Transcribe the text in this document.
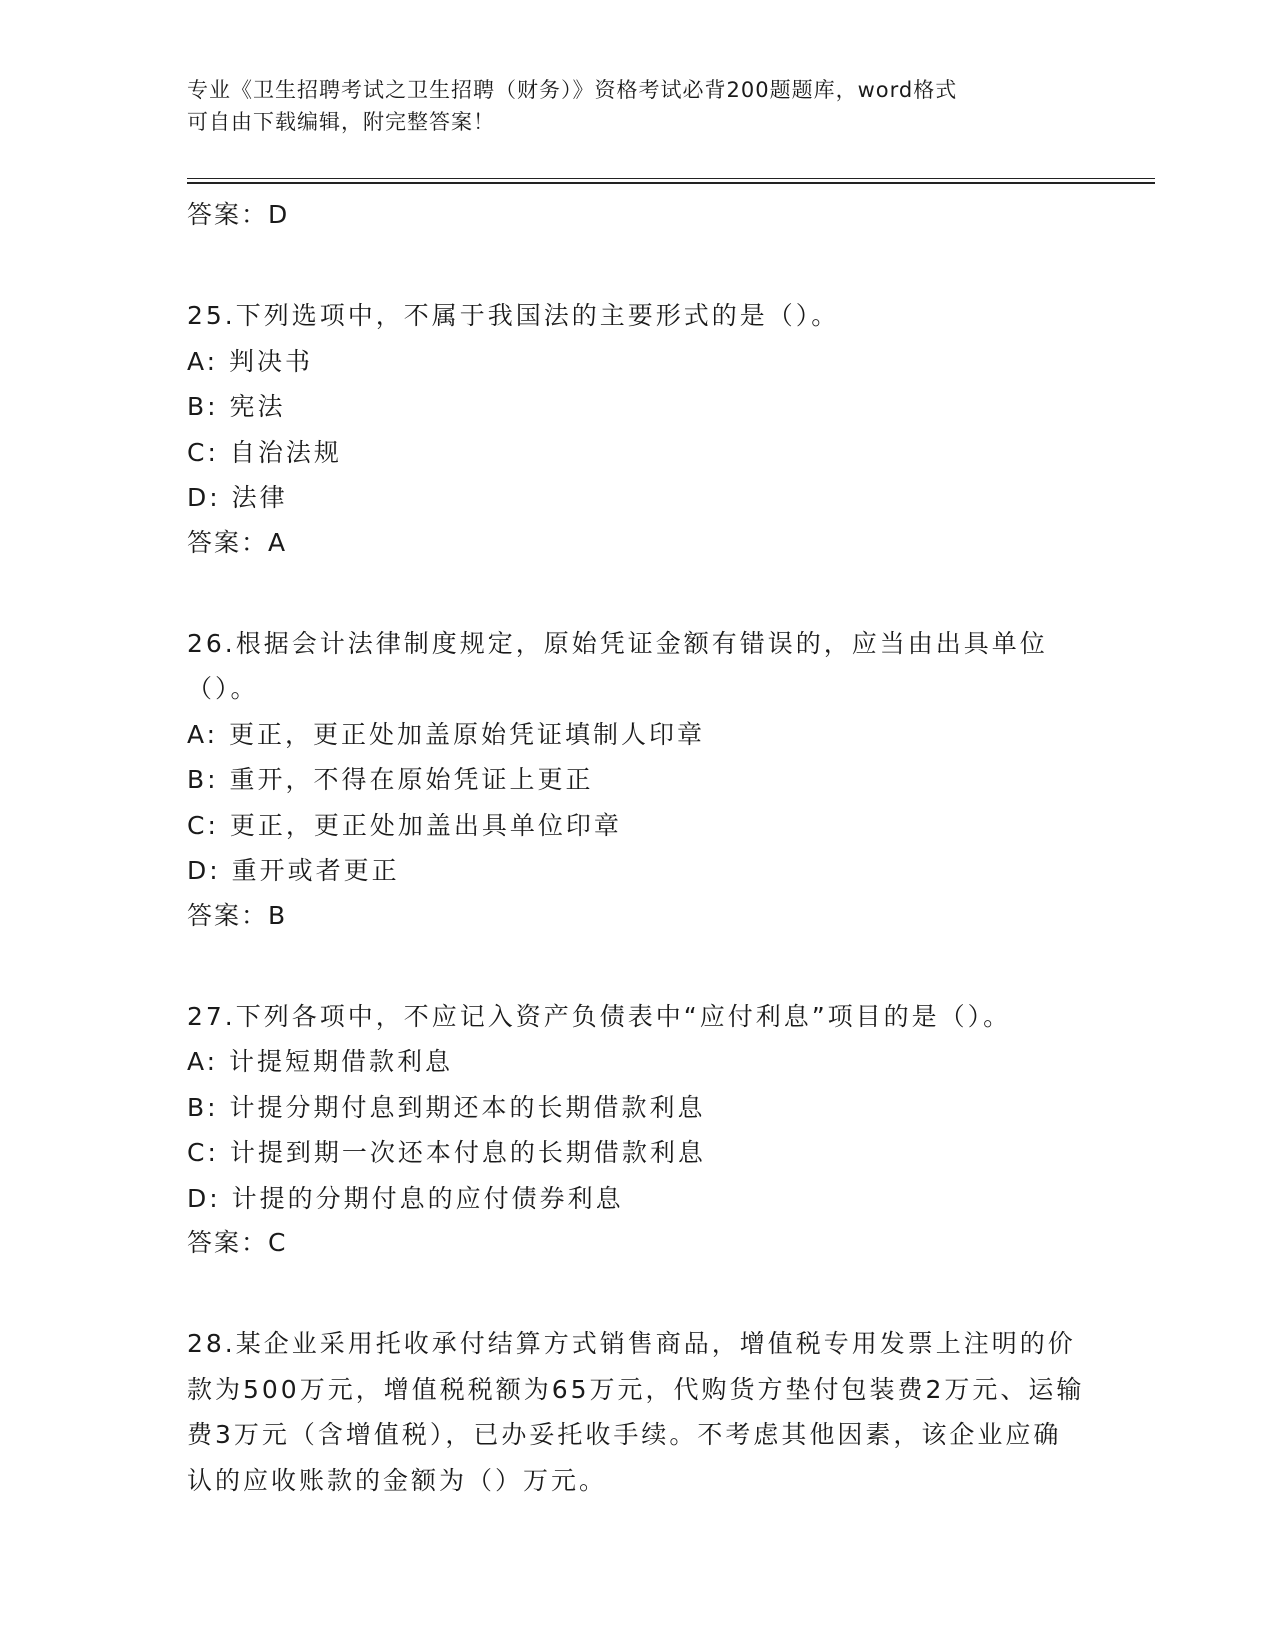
专业《卫生招聘考试之卫生招聘（财务）》资格考试必背200题题库，word格式
可自由下载编辑，附完整答案！
答案：D
25.下列选项中，不属于我国法的主要形式的是（）。
A: 判决书
B: 宪法
C: 自治法规
D: 法律
答案：A
26.根据会计法律制度规定，原始凭证金额有错误的，应当由出具单位（）。
A: 更正，更正处加盖原始凭证填制人印章
B: 重开，不得在原始凭证上更正
C: 更正，更正处加盖出具单位印章
D: 重开或者更正
答案：B
27.下列各项中，不应记入资产负债表中“应付利息”项目的是（）。
A: 计提短期借款利息
B: 计提分期付息到期还本的长期借款利息
C: 计提到期一次还本付息的长期借款利息
D: 计提的分期付息的应付债券利息
答案：C
28.某企业采用托收承付结算方式销售商品，增值税专用发票上注明的价款为500万元，增值税税额为65万元，代购货方垫付包装费2万元、运输费3万元（含增值税），已办妥托收手续。不考虑其他因素，该企业应确认的应收账款的金额为（）万元。
